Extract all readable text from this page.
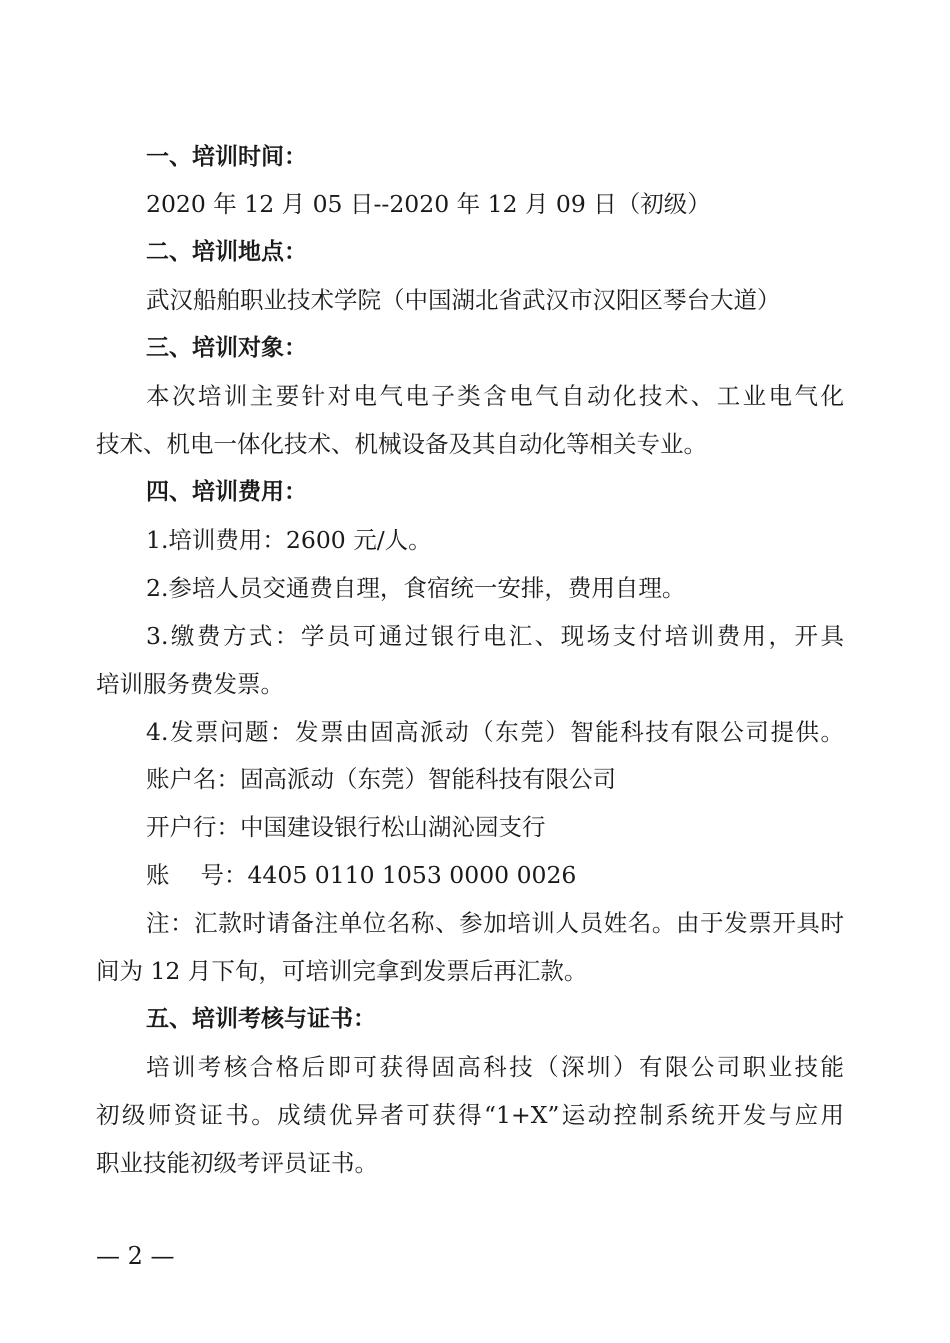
一、培训时间：
2020 年 12 月 05 日--2020 年 12 月 09 日（初级）
二、培训地点：
武汉船舶职业技术学院（中国湖北省武汉市汉阳区琴台大道）
三、培训对象：
本次培训主要针对电气电子类含电气自动化技术、工业电气化
技术、机电一体化技术、机械设备及其自动化等相关专业。
四、培训费用：
1.培训费用：2600 元/人。
2.参培人员交通费自理，食宿统一安排，费用自理。
3.缴费方式：学员可通过银行电汇、现场支付培训费用，开具
培训服务费发票。
4.发票问题：发票由固高派动（东莞）智能科技有限公司提供。
账户名：固高派动（东莞）智能科技有限公司
开户行：中国建设银行松山湖沁园支行
账　 号：4405 0110 1053 0000 0026
注：汇款时请备注单位名称、参加培训人员姓名。由于发票开具时
间为 12 月下旬，可培训完拿到发票后再汇款。
五、培训考核与证书：
培训考核合格后即可获得固高科技（深圳）有限公司职业技能
初级师资证书。成绩优异者可获得“1+X”运动控制系统开发与应用
职业技能初级考评员证书。
— 2 —
